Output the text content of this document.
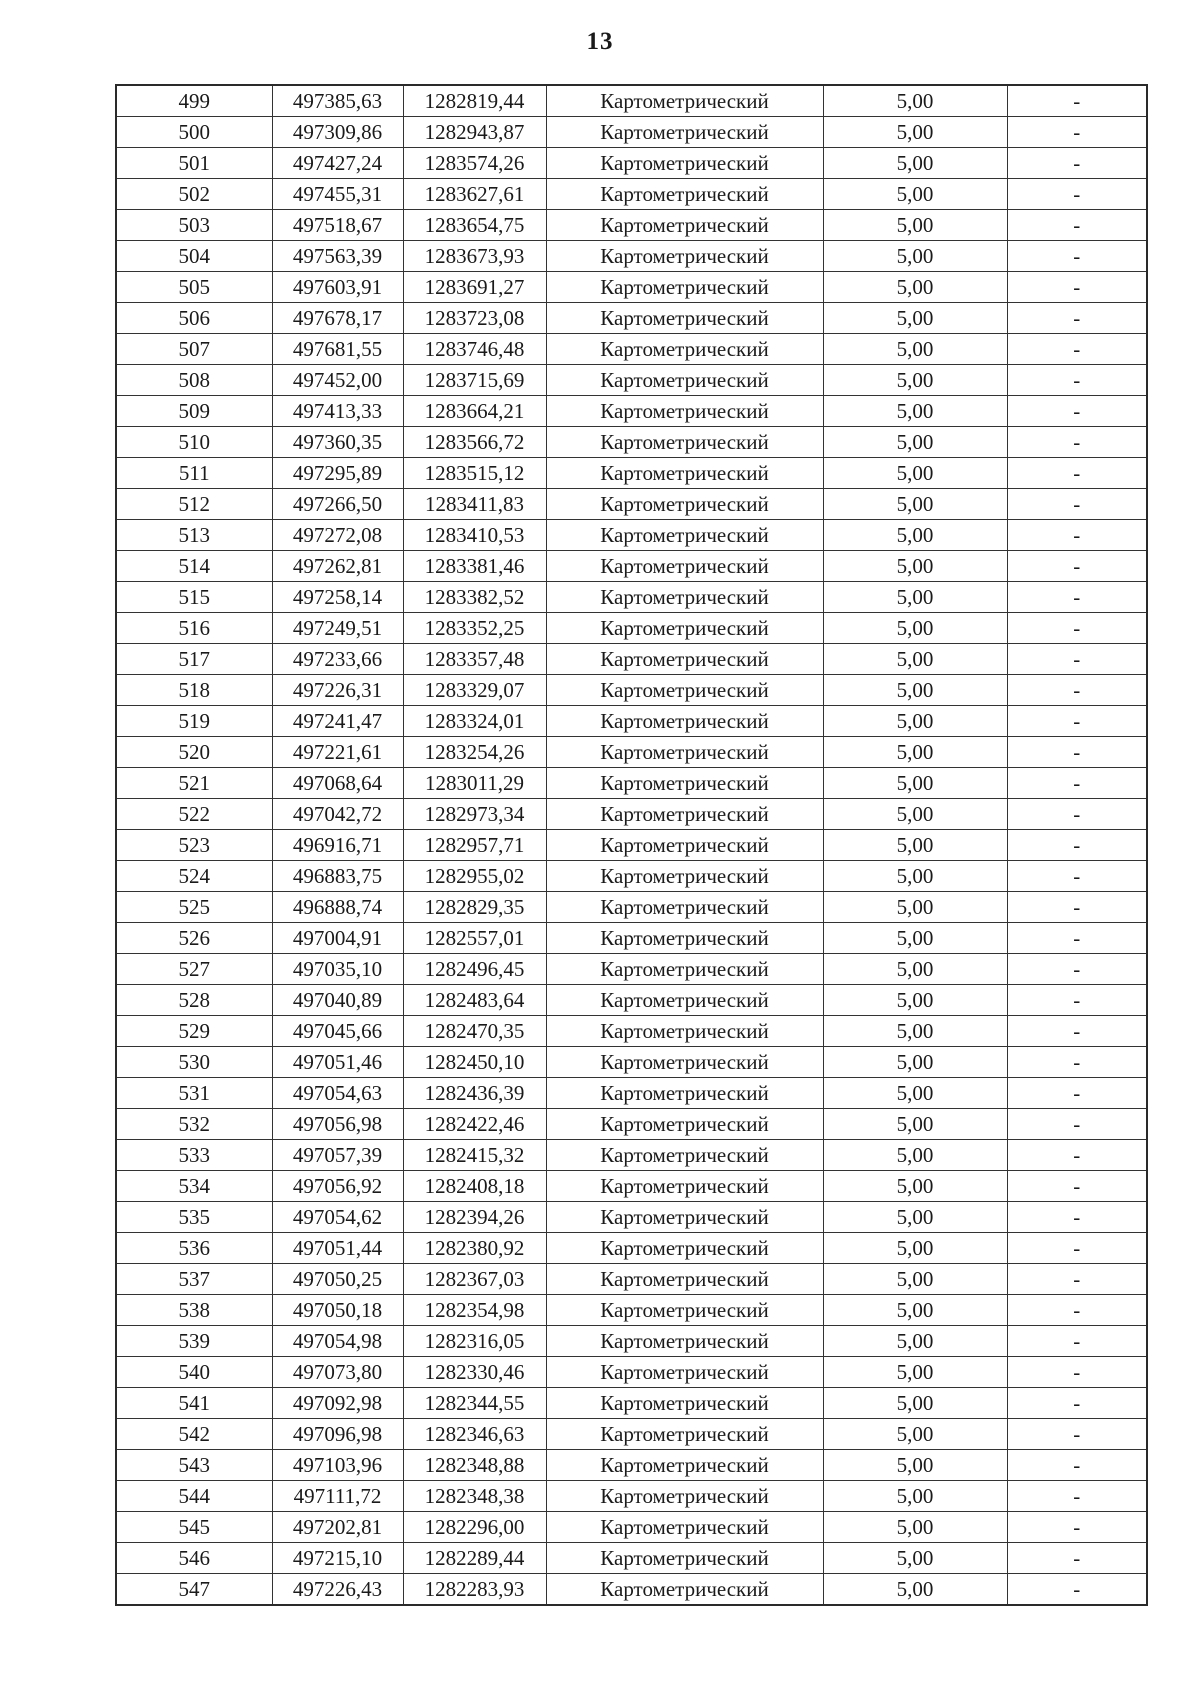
13
499	497385,63	1282819,44	Картометрический	5,00	-
500	497309,86	1282943,87	Картометрический	5,00	-
501	497427,24	1283574,26	Картометрический	5,00	-
502	497455,31	1283627,61	Картометрический	5,00	-
503	497518,67	1283654,75	Картометрический	5,00	-
504	497563,39	1283673,93	Картометрический	5,00	-
505	497603,91	1283691,27	Картометрический	5,00	-
506	497678,17	1283723,08	Картометрический	5,00	-
507	497681,55	1283746,48	Картометрический	5,00	-
508	497452,00	1283715,69	Картометрический	5,00	-
509	497413,33	1283664,21	Картометрический	5,00	-
510	497360,35	1283566,72	Картометрический	5,00	-
511	497295,89	1283515,12	Картометрический	5,00	-
512	497266,50	1283411,83	Картометрический	5,00	-
513	497272,08	1283410,53	Картометрический	5,00	-
514	497262,81	1283381,46	Картометрический	5,00	-
515	497258,14	1283382,52	Картометрический	5,00	-
516	497249,51	1283352,25	Картометрический	5,00	-
517	497233,66	1283357,48	Картометрический	5,00	-
518	497226,31	1283329,07	Картометрический	5,00	-
519	497241,47	1283324,01	Картометрический	5,00	-
520	497221,61	1283254,26	Картометрический	5,00	-
521	497068,64	1283011,29	Картометрический	5,00	-
522	497042,72	1282973,34	Картометрический	5,00	-
523	496916,71	1282957,71	Картометрический	5,00	-
524	496883,75	1282955,02	Картометрический	5,00	-
525	496888,74	1282829,35	Картометрический	5,00	-
526	497004,91	1282557,01	Картометрический	5,00	-
527	497035,10	1282496,45	Картометрический	5,00	-
528	497040,89	1282483,64	Картометрический	5,00	-
529	497045,66	1282470,35	Картометрический	5,00	-
530	497051,46	1282450,10	Картометрический	5,00	-
531	497054,63	1282436,39	Картометрический	5,00	-
532	497056,98	1282422,46	Картометрический	5,00	-
533	497057,39	1282415,32	Картометрический	5,00	-
534	497056,92	1282408,18	Картометрический	5,00	-
535	497054,62	1282394,26	Картометрический	5,00	-
536	497051,44	1282380,92	Картометрический	5,00	-
537	497050,25	1282367,03	Картометрический	5,00	-
538	497050,18	1282354,98	Картометрический	5,00	-
539	497054,98	1282316,05	Картометрический	5,00	-
540	497073,80	1282330,46	Картометрический	5,00	-
541	497092,98	1282344,55	Картометрический	5,00	-
542	497096,98	1282346,63	Картометрический	5,00	-
543	497103,96	1282348,88	Картометрический	5,00	-
544	497111,72	1282348,38	Картометрический	5,00	-
545	497202,81	1282296,00	Картометрический	5,00	-
546	497215,10	1282289,44	Картометрический	5,00	-
547	497226,43	1282283,93	Картометрический	5,00	-
